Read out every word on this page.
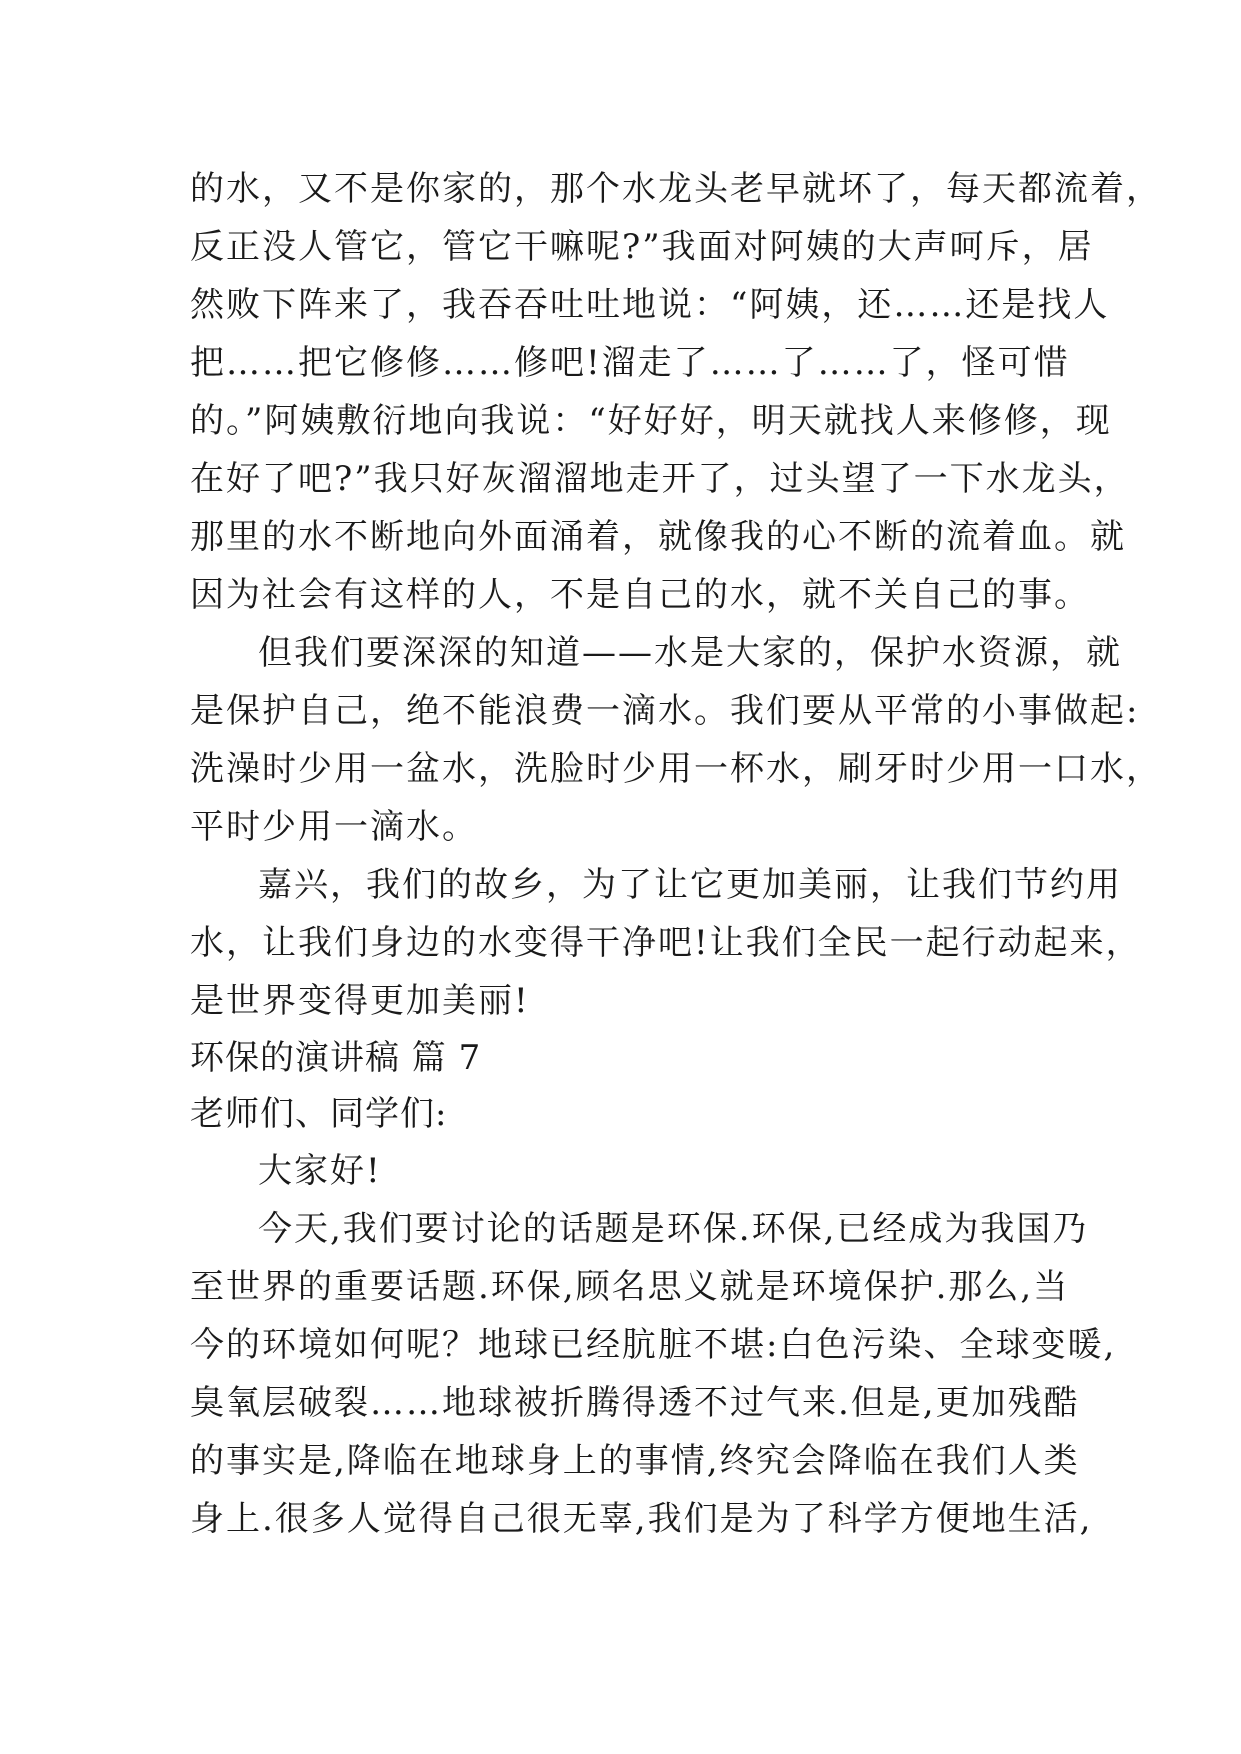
的水，又不是你家的，那个水龙头老早就坏了，每天都流着，
反正没人管它，管它干嘛呢?”我面对阿姨的大声呵斥，居
然败下阵来了，我吞吞吐吐地说：“阿姨，还……还是找人
把……把它修修……修吧!溜走了……了……了，怪可惜
的。”阿姨敷衍地向我说：“好好好，明天就找人来修修，现
在好了吧?”我只好灰溜溜地走开了，过头望了一下水龙头，
那里的水不断地向外面涌着，就像我的心不断的流着血。就
因为社会有这样的人，不是自己的水，就不关自己的事。
但我们要深深的知道——水是大家的，保护水资源，就
是保护自己，绝不能浪费一滴水。我们要从平常的小事做起:
洗澡时少用一盆水，洗脸时少用一杯水，刷牙时少用一口水，
平时少用一滴水。
嘉兴，我们的故乡，为了让它更加美丽，让我们节约用
水，让我们身边的水变得干净吧!让我们全民一起行动起来，
是世界变得更加美丽!
环保的演讲稿 篇 7
老师们、同学们:
大家好!
今天,我们要讨论的话题是环保.环保,已经成为我国乃
至世界的重要话题.环保,顾名思义就是环境保护.那么,当
今的环境如何呢？地球已经肮脏不堪:白色污染、全球变暖,
臭氧层破裂……地球被折腾得透不过气来.但是,更加残酷
的事实是,降临在地球身上的事情,终究会降临在我们人类
身上.很多人觉得自己很无辜,我们是为了科学方便地生活,
